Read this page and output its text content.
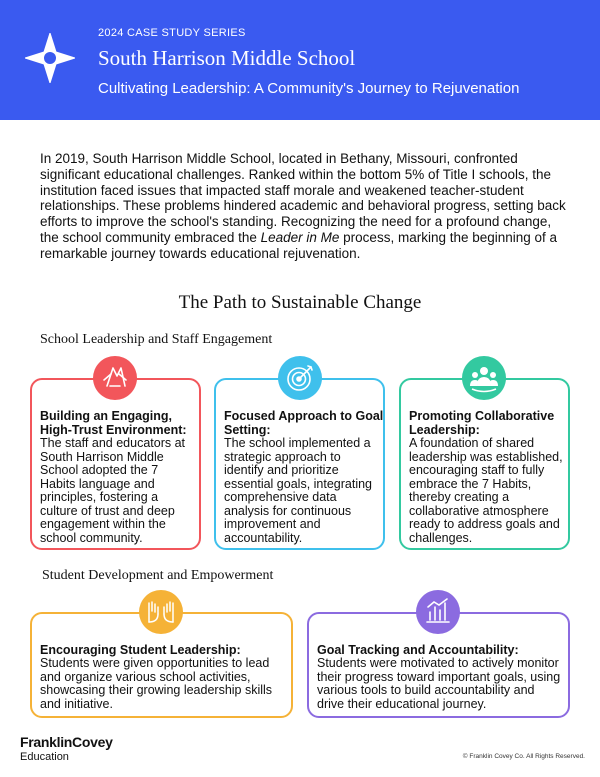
2024 CASE STUDY SERIES
South Harrison Middle School
Cultivating Leadership: A Community's Journey to Rejuvenation

In 2019, South Harrison Middle School, located in Bethany, Missouri, confronted significant educational challenges. Ranked within the bottom 5% of Title I schools, the institution faced issues that impacted staff morale and weakened teacher-student relationships. These problems hindered academic and behavioral progress, setting back efforts to improve the school's standing. Recognizing the need for a profound change, the school community embraced the Leader in Me process, marking the beginning of a remarkable journey towards educational rejuvenation.

The Path to Sustainable Change
School Leadership and Staff Engagement
Building an Engaging,
High-Trust Environment:
The staff and educators at
South Harrison Middle
School adopted the 7
Habits language and
principles, fostering a
culture of trust and deep
engagement within the
school community.
Focused Approach to Goal
Setting:
The school implemented a
strategic approach to
identify and prioritize
essential goals, integrating
comprehensive data
analysis for continuous
improvement and
accountability.
Promoting Collaborative
Leadership:
A foundation of shared
leadership was established,
encouraging staff to fully
embrace the 7 Habits,
thereby creating a
collaborative atmosphere
ready to address goals and
challenges.
Student Development and Empowerment
Encouraging Student Leadership:
Students were given opportunities to lead
and organize various school activities,
showcasing their growing leadership skills
and initiative.
Goal Tracking and Accountability:
Students were motivated to actively monitor
their progress toward important goals, using
various tools to build accountability and
drive their educational journey.
FranklinCovey
Education	© Franklin Covey Co. All Rights Reserved.
